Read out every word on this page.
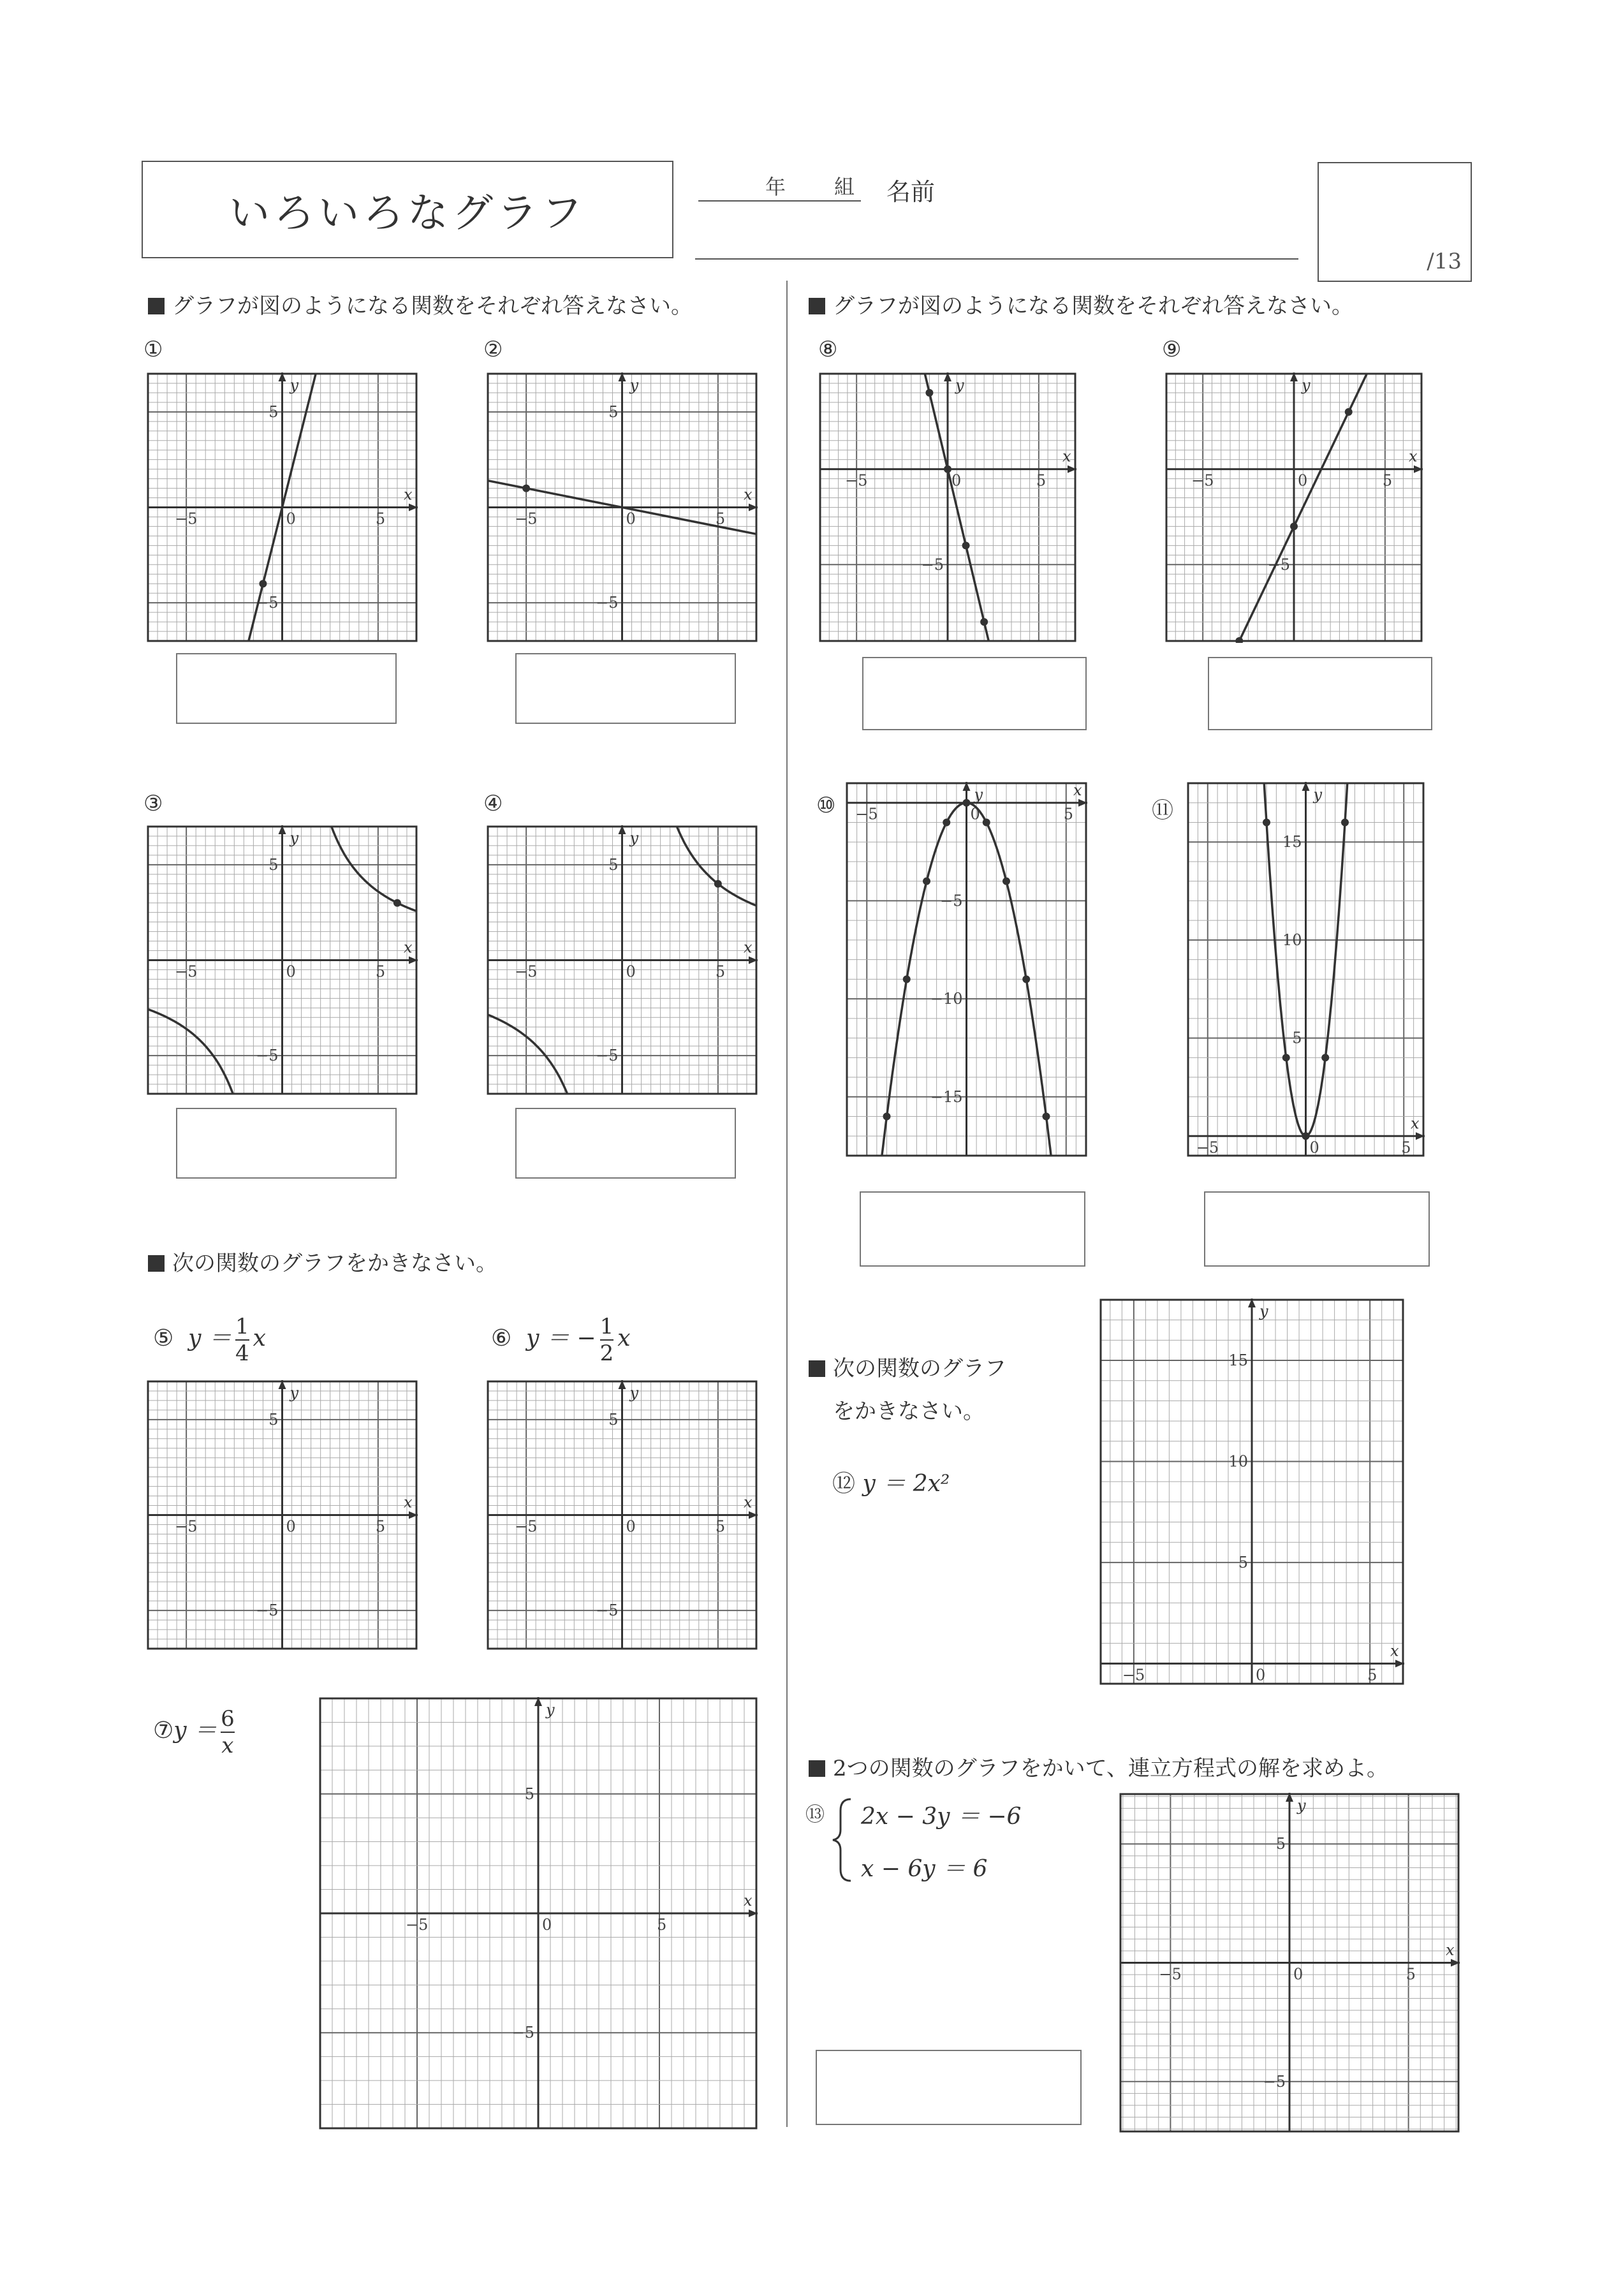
いろいろなグラフ
年 組 名前
/13
グラフが図のようになる関数をそれぞれ答えなさい。	グラフが図のようになる関数をそれぞれ答えなさい。
次の関数のグラフをかきなさい。
次の関数のグラフ
をかきなさい。
2つの関数のグラフをかいて、連立方程式の解を求めよ。
①	②
③	④
⑧	⑨
⑩	⑪
⑤ $y = \frac{1}{4}$ x	⑥ y ＝ − $\frac{1}{2}$ x
⑦y ＝ $\frac{6}{x}$
⑫ y ＝ 2x²
⑬ 2x − 3y ＝ −6
x − 6y ＝ 6
x
y
0
−5	5
5
−5
x
y
0
−5	5
5
−5
x
y
0
−5	5
5
−5
x
y
0
−5	5
5
−5
x
y
0
−5	5
−5
x
y
0
−5	5
−5
x
y
0
−5	5
−5
−10
−15
x
y
0
−5	5
15
10
5
x
y
0
−5	5
5
−5
x
y
0
−5	5
5
−5
x
y
0
−5	5
5
−5
x
y
0
−5	5
15
10
5
x
y
0
−5	5
5
−5
